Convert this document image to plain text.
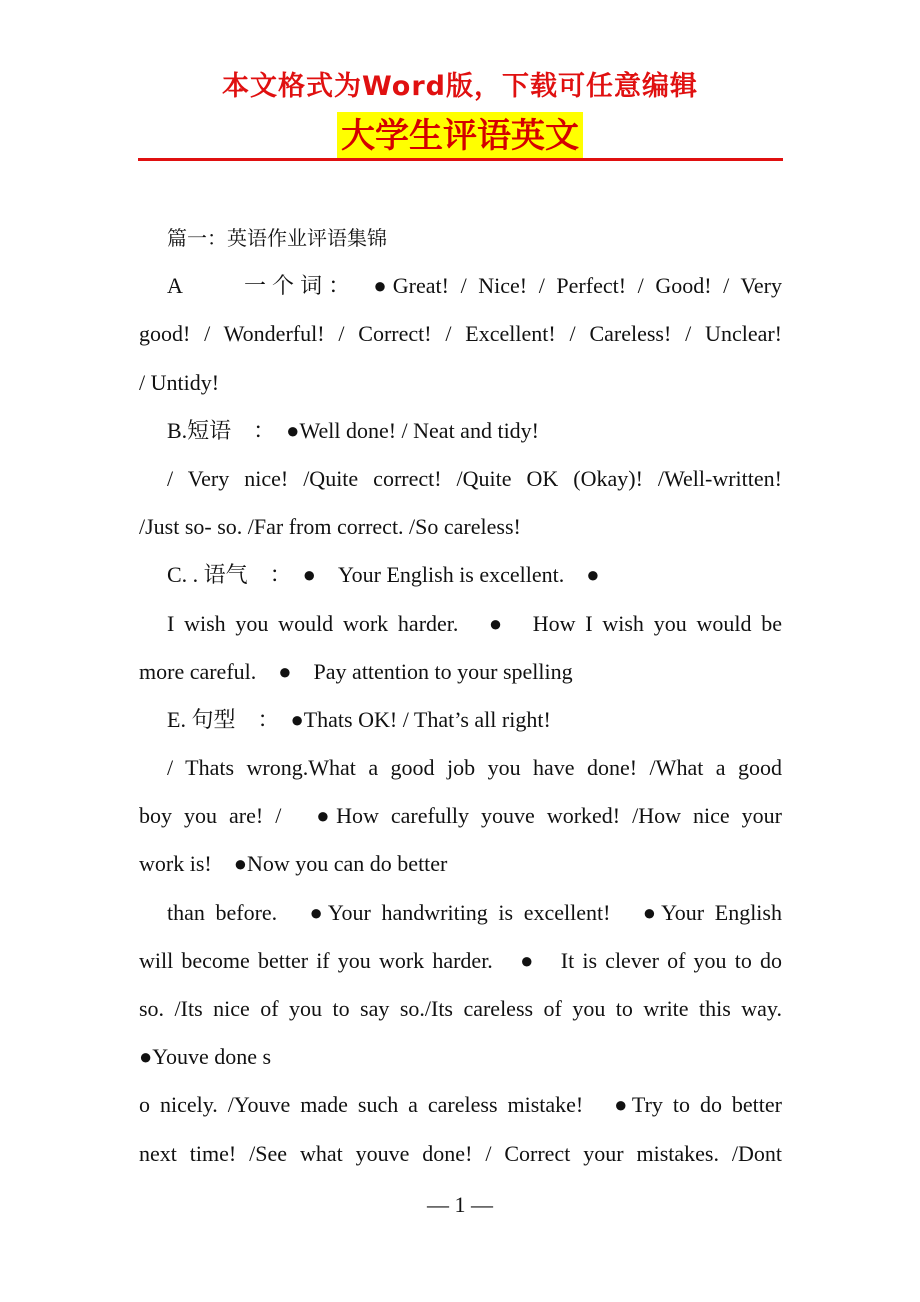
本文格式为Word版，下载可任意编辑
大学生评语英文
篇一：英语作业评语集锦
A　　一个词：　●Great! / Nice! / Perfect! / Good! / Very
good! / Wonderful! / Correct! / Excellent! / Careless! / Unclear!
/ Untidy!
B.短语　：　●Well done! / Neat and tidy!
/ Very nice! /Quite correct! /Quite OK (Okay)! /Well-written!
/Just so- so. /Far from correct. /So careless!
C. . 语气　：　●　Your English is excellent.　●
I wish you would work harder.　●　How I wish you would be
more careful.　●　Pay attention to your spelling
E. 句型　：　●Thats OK! / That’s all right!
/ Thats wrong.What a good job you have done! /What a good
boy you are! /　●How carefully youve worked! /How nice your
work is!　●Now you can do better
than before.　●Your handwriting is excellent!　●Your English
will become better if you work harder.　●　It is clever of you to do
so. /Its nice of you to say so./Its careless of you to write this way.
●Youve done s
o nicely. /Youve made such a careless mistake!　●Try to do better
next time! /See what youve done! / Correct your mistakes. /Dont
— 1 —
